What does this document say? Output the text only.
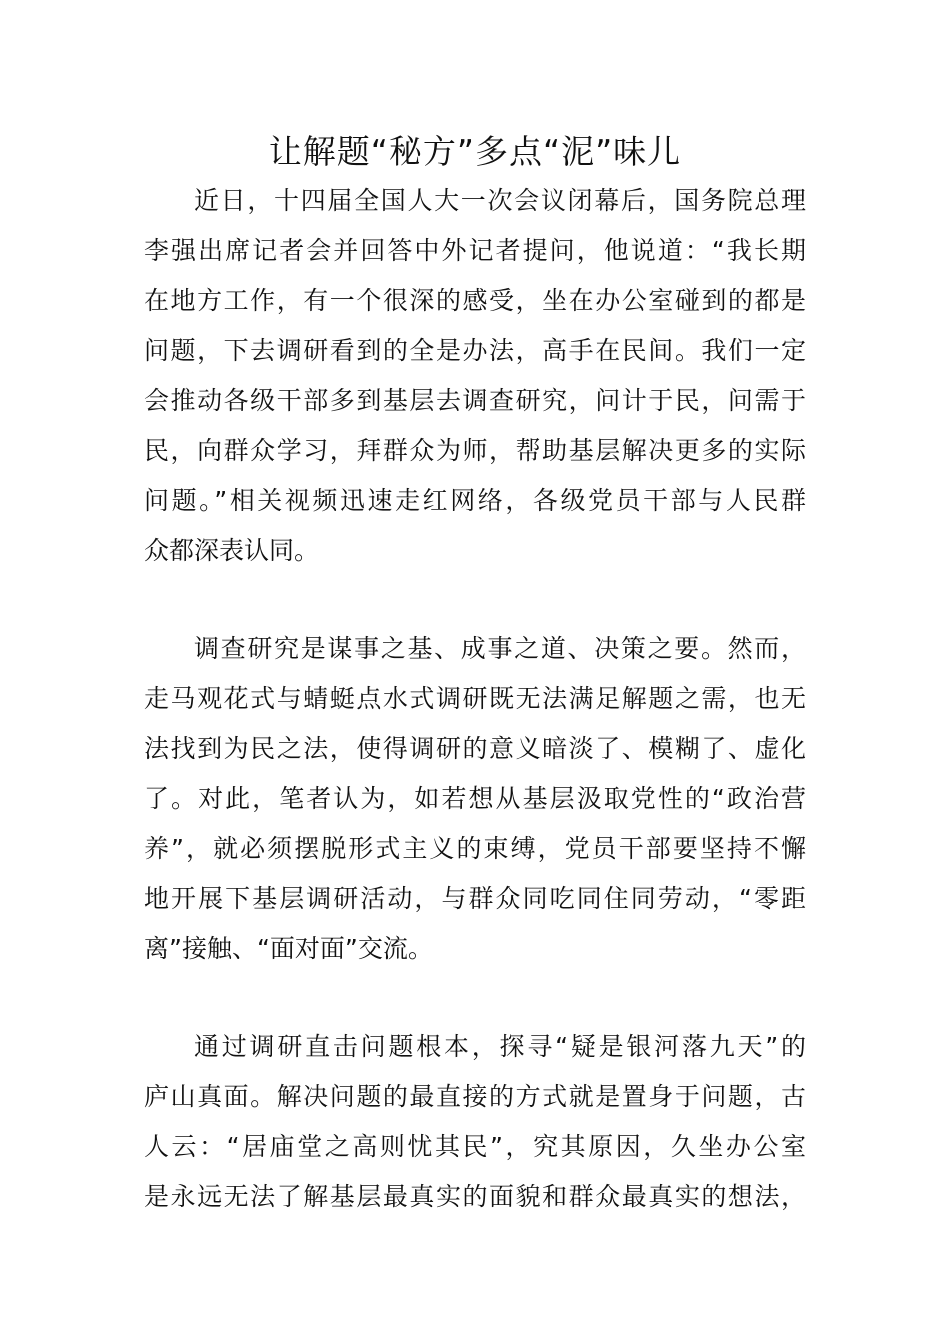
让解题“秘方”多点“泥”味儿
近日，十四届全国人大一次会议闭幕后，国务院总理
李强出席记者会并回答中外记者提问，他说道：“我长期
在地方工作，有一个很深的感受，坐在办公室碰到的都是
问题，下去调研看到的全是办法，高手在民间。我们一定
会推动各级干部多到基层去调查研究，问计于民，问需于
民，向群众学习，拜群众为师，帮助基层解决更多的实际
问题。”相关视频迅速走红网络，各级党员干部与人民群
众都深表认同。
调查研究是谋事之基、成事之道、决策之要。然而，
走马观花式与蜻蜓点水式调研既无法满足解题之需，也无
法找到为民之法，使得调研的意义暗淡了、模糊了、虚化
了。对此，笔者认为，如若想从基层汲取党性的“政治营
养”，就必须摆脱形式主义的束缚，党员干部要坚持不懈
地开展下基层调研活动，与群众同吃同住同劳动，“零距
离”接触、“面对面”交流。
通过调研直击问题根本，探寻“疑是银河落九天”的
庐山真面。解决问题的最直接的方式就是置身于问题，古
人云：“居庙堂之高则忧其民”，究其原因，久坐办公室
是永远无法了解基层最真实的面貌和群众最真实的想法，
